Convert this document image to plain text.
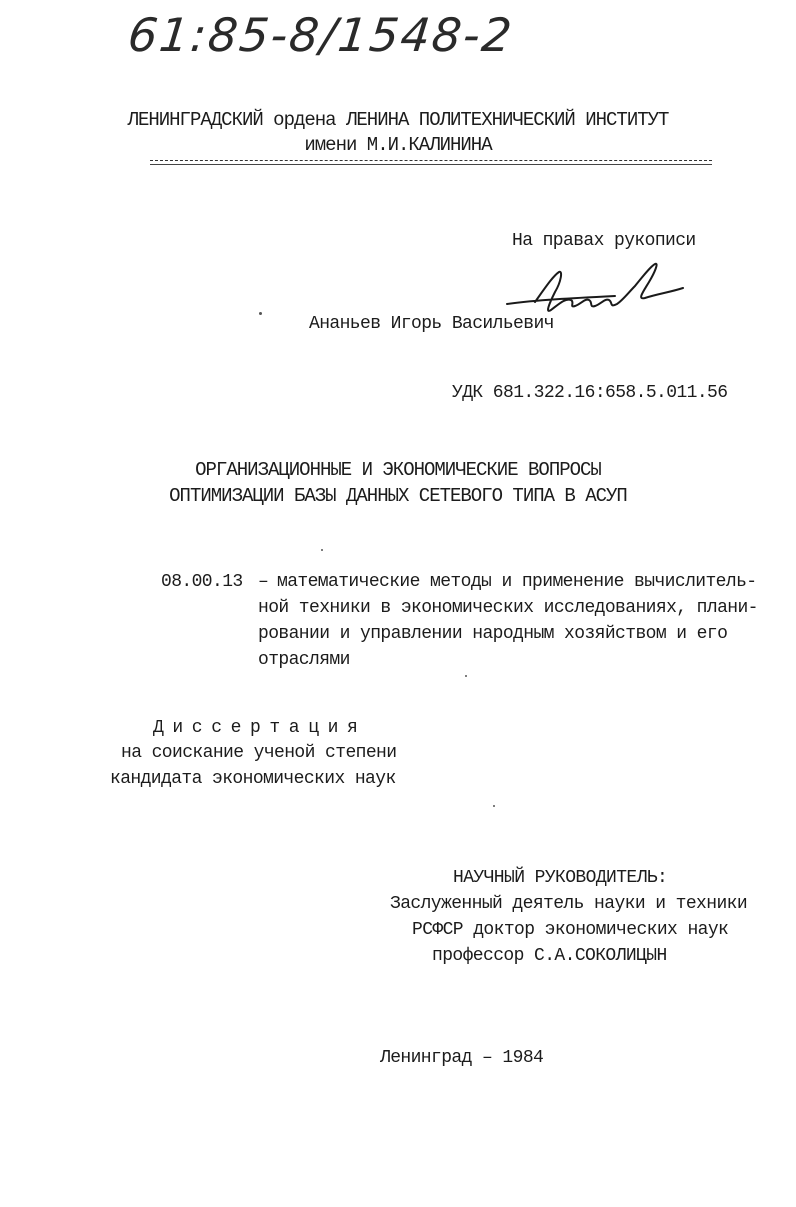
61:85-8/1548-2
ЛЕНИНГРАДСКИЙ ордена ЛЕНИНА ПОЛИТЕХНИЧЕСКИЙ ИНСТИТУТ
имени М.И.КАЛИНИНА
На правах рукописи
Ананьев Игорь Васильевич
УДК 681.322.16:658.5.011.56
ОРГАНИЗАЦИОННЫЕ И ЭКОНОМИЧЕСКИЕ ВОПРОСЫ
ОПТИМИЗАЦИИ БАЗЫ ДАННЫХ СЕТЕВОГО ТИПА В АСУП
08.00.13 – математические методы и применение вычислитель-
ной техники в экономических исследованиях, плани-
ровании и управлении народным хозяйством и его
отраслями
Диссертация
на соискание ученой степени
кандидата экономических наук
НАУЧНЫЙ РУКОВОДИТЕЛЬ:
Заслуженный деятель науки и техники
РСФСР доктор экономических наук
профессор С.А.СОКОЛИЦЫН
Ленинград – 1984
